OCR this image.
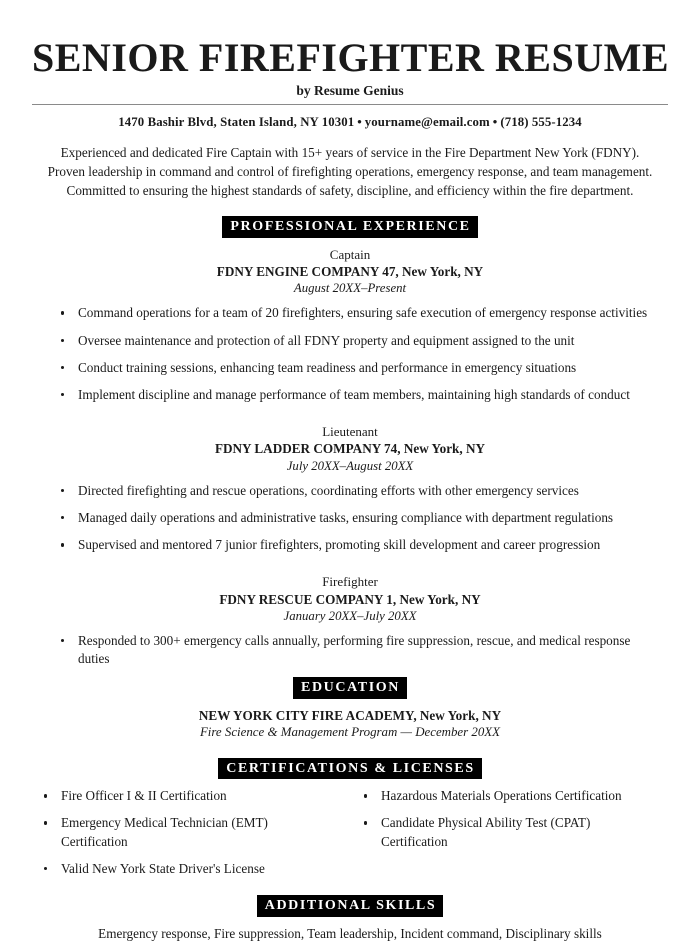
SENIOR FIREFIGHTER RESUME
by Resume Genius
1470 Bashir Blvd, Staten Island, NY 10301 • yourname@email.com • (718) 555-1234

Experienced and dedicated Fire Captain with 15+ years of service in the Fire Department New York (FDNY). Proven leadership in command and control of firefighting operations, emergency response, and team management. Committed to ensuring the highest standards of safety, discipline, and efficiency within the fire department.

PROFESSIONAL EXPERIENCE
Captain
FDNY ENGINE COMPANY 47, New York, NY
August 20XX–Present
Command operations for a team of 20 firefighters, ensuring safe execution of emergency response activities
Oversee maintenance and protection of all FDNY property and equipment assigned to the unit
Conduct training sessions, enhancing team readiness and performance in emergency situations
Implement discipline and manage performance of team members, maintaining high standards of conduct
Lieutenant
FDNY LADDER COMPANY 74, New York, NY
July 20XX–August 20XX
Directed firefighting and rescue operations, coordinating efforts with other emergency services
Managed daily operations and administrative tasks, ensuring compliance with department regulations
Supervised and mentored 7 junior firefighters, promoting skill development and career progression
Firefighter
FDNY RESCUE COMPANY 1, New York, NY
January 20XX–July 20XX
Responded to 300+ emergency calls annually, performing fire suppression, rescue, and medical response duties
EDUCATION
NEW YORK CITY FIRE ACADEMY, New York, NY
Fire Science & Management Program — December 20XX
CERTIFICATIONS & LICENSES
Fire Officer I & II Certification
Emergency Medical Technician (EMT) Certification
Valid New York State Driver's License
Hazardous Materials Operations Certification
Candidate Physical Ability Test (CPAT) Certification
ADDITIONAL SKILLS
Emergency response, Fire suppression, Team leadership, Incident command, Disciplinary skills
